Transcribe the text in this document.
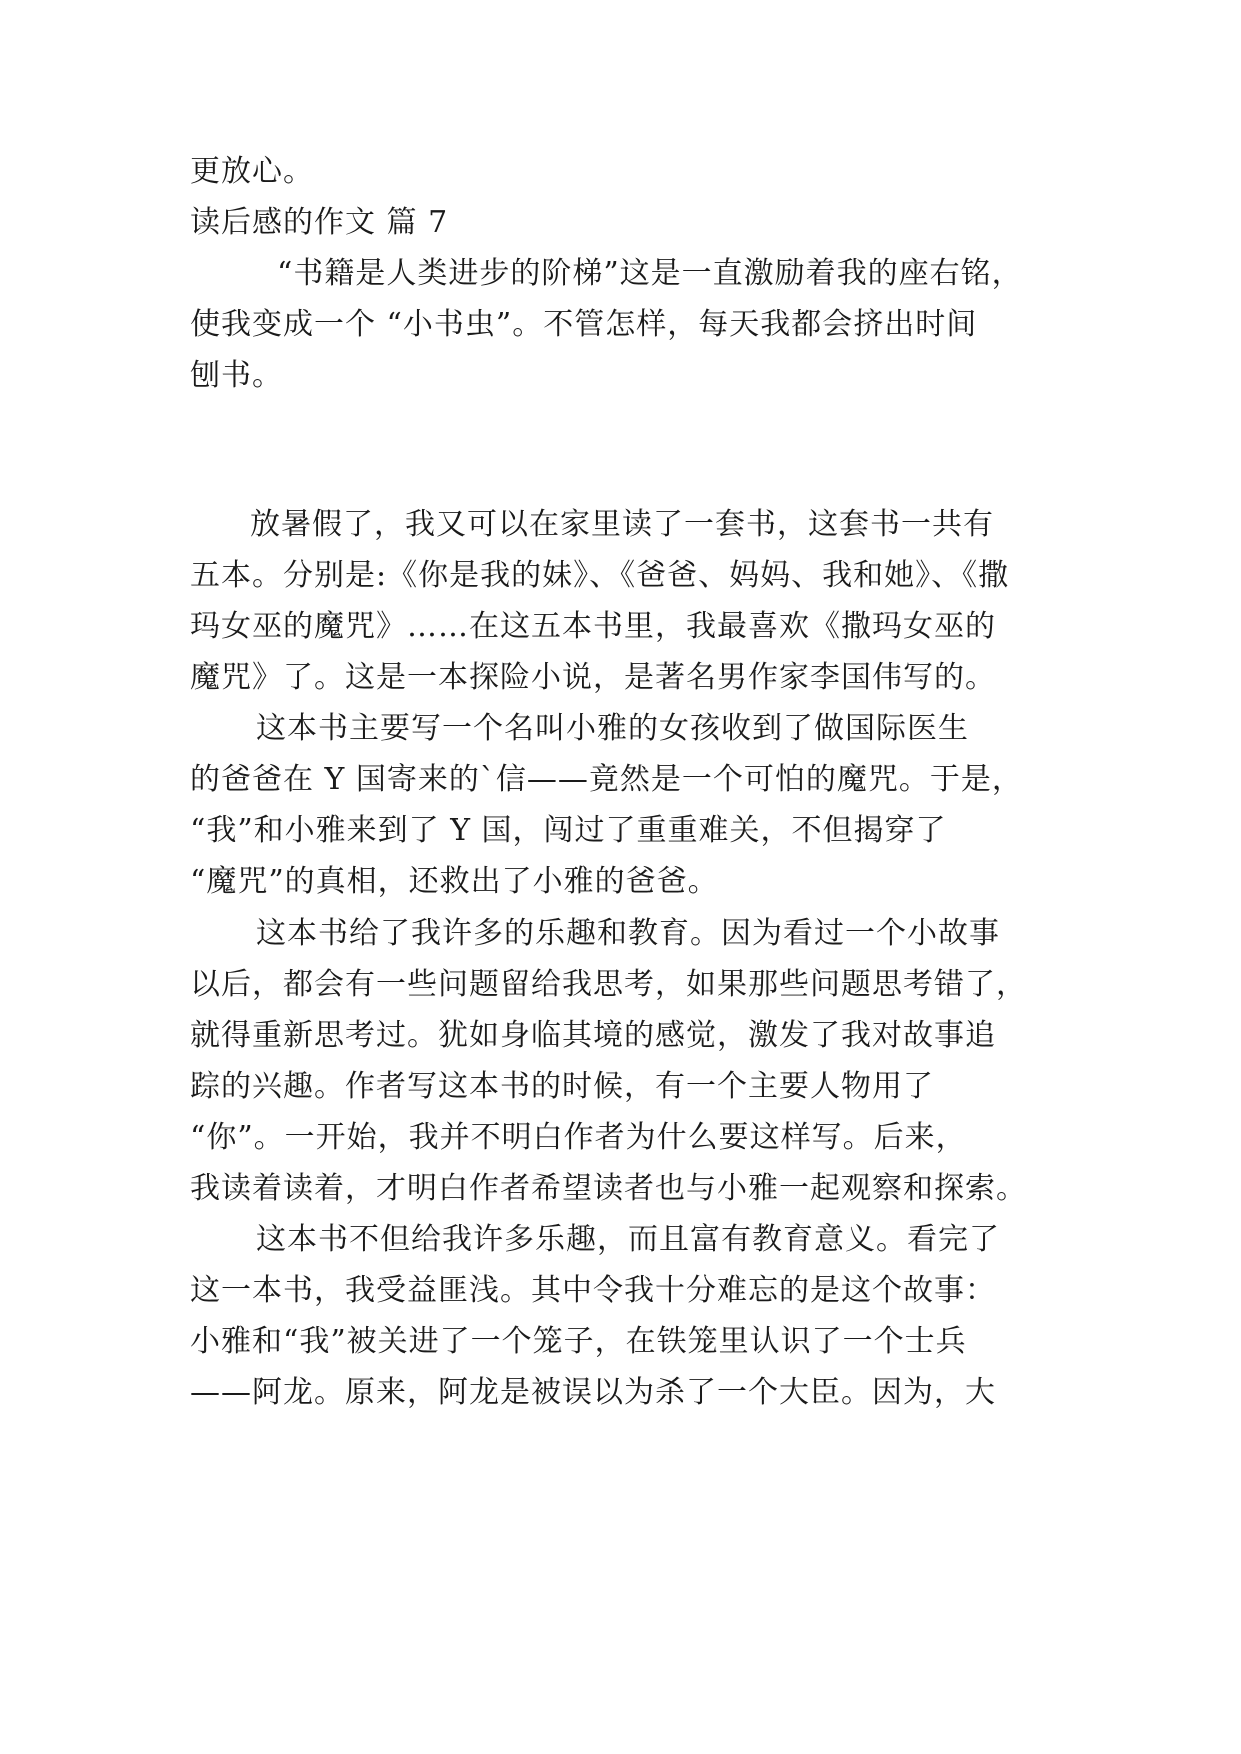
更放心。
读后感的作文 篇 7
　“书籍是人类进步的阶梯”这是一直激励着我的座右铭，
使我变成一个 “小书虫”。不管怎样，每天我都会挤出时间
刨书。
放暑假了，我又可以在家里读了一套书，这套书一共有
五本。分别是:《你是我的妹》、《爸爸、妈妈、我和她》、《撒
玛女巫的魔咒》……在这五本书里，我最喜欢《撒玛女巫的
魔咒》了。这是一本探险小说，是著名男作家李国伟写的。
这本书主要写一个名叫小雅的女孩收到了做国际医生
的爸爸在 Y 国寄来的`信——竟然是一个可怕的魔咒。于是，
“我”和小雅来到了 Y 国，闯过了重重难关，不但揭穿了
“魔咒”的真相，还救出了小雅的爸爸。
这本书给了我许多的乐趣和教育。因为看过一个小故事
以后，都会有一些问题留给我思考，如果那些问题思考错了，
就得重新思考过。犹如身临其境的感觉，激发了我对故事追
踪的兴趣。作者写这本书的时候，有一个主要人物用了
“你”。一开始，我并不明白作者为什么要这样写。后来，
我读着读着，才明白作者希望读者也与小雅一起观察和探索。
这本书不但给我许多乐趣，而且富有教育意义。看完了
这一本书，我受益匪浅。其中令我十分难忘的是这个故事：
小雅和“我”被关进了一个笼子，在铁笼里认识了一个士兵
——阿龙。原来，阿龙是被误以为杀了一个大臣。因为，大
